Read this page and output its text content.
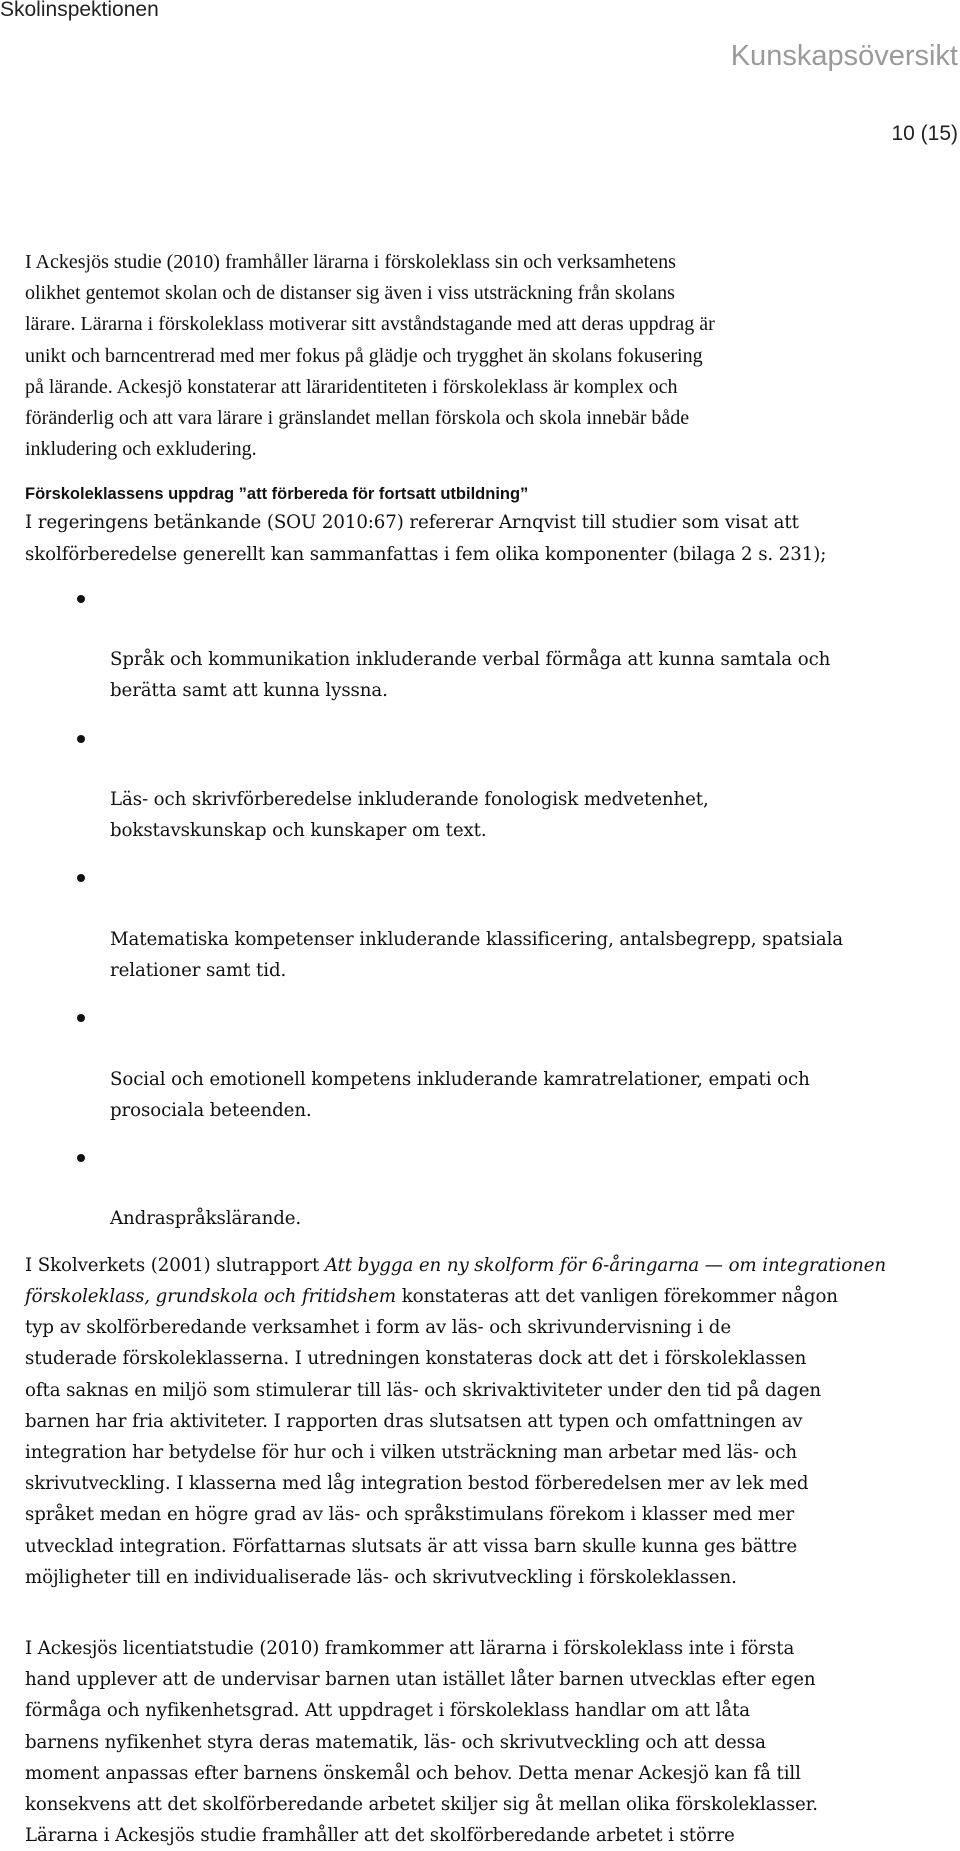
Skolinspektionen
Kunskapsöversikt
10 (15)

I Ackesjös studie (2010) framhåller lärarna i förskoleklass sin och verksamhetens
olikhet gentemot skolan och de distanser sig även i viss utsträckning från skolans
lärare. Lärarna i förskoleklass motiverar sitt avståndstagande med att deras uppdrag är
unikt och barncentrerad med mer fokus på glädje och trygghet än skolans fokusering
på lärande. Ackesjö konstaterar att läraridentiteten i förskoleklass är komplex och
föränderlig och att vara lärare i gränslandet mellan förskola och skola innebär både
inkludering och exkludering.

Förskoleklassens uppdrag ”att förbereda för fortsatt utbildning”

I regeringens betänkande (SOU 2010:67) refererar Arnqvist till studier som visat att
skolförberedelse generellt kan sammanfattas i fem olika komponenter (bilaga 2 s. 231);

Språk och kommunikation inkluderande verbal förmåga att kunna samtala och
berätta samt att kunna lyssna.

Läs- och skrivförberedelse inkluderande fonologisk medvetenhet,
bokstavskunskap och kunskaper om text.

Matematiska kompetenser inkluderande klassificering, antalsbegrepp, spatsiala
relationer samt tid.

Social och emotionell kompetens inkluderande kamratrelationer, empati och
prosociala beteenden.

Andraspråkslärande.

I Skolverkets (2001) slutrapport Att bygga en ny skolform för 6-åringarna — om integrationen
förskoleklass, grundskola och fritidshem konstateras att det vanligen förekommer någon
typ av skolförberedande verksamhet i form av läs- och skrivundervisning i de
studerade förskoleklasserna. I utredningen konstateras dock att det i förskoleklassen
ofta saknas en miljö som stimulerar till läs- och skrivaktiviteter under den tid på dagen
barnen har fria aktiviteter. I rapporten dras slutsatsen att typen och omfattningen av
integration har betydelse för hur och i vilken utsträckning man arbetar med läs- och
skrivutveckling. I klasserna med låg integration bestod förberedelsen mer av lek med
språket medan en högre grad av läs- och språkstimulans förekom i klasser med mer
utvecklad integration. Författarnas slutsats är att vissa barn skulle kunna ges bättre
möjligheter till en individualiserade läs- och skrivutveckling i förskoleklassen.

I Ackesjös licentiatstudie (2010) framkommer att lärarna i förskoleklass inte i första
hand upplever att de undervisar barnen utan istället låter barnen utvecklas efter egen
förmåga och nyfikenhetsgrad. Att uppdraget i förskoleklass handlar om att låta
barnens nyfikenhet styra deras matematik, läs- och skrivutveckling och att dessa
moment anpassas efter barnens önskemål och behov. Detta menar Ackesjö kan få till
konsekvens att det skolförberedande arbetet skiljer sig åt mellan olika förskoleklasser.
Lärarna i Ackesjös studie framhåller att det skolförberedande arbetet i större
